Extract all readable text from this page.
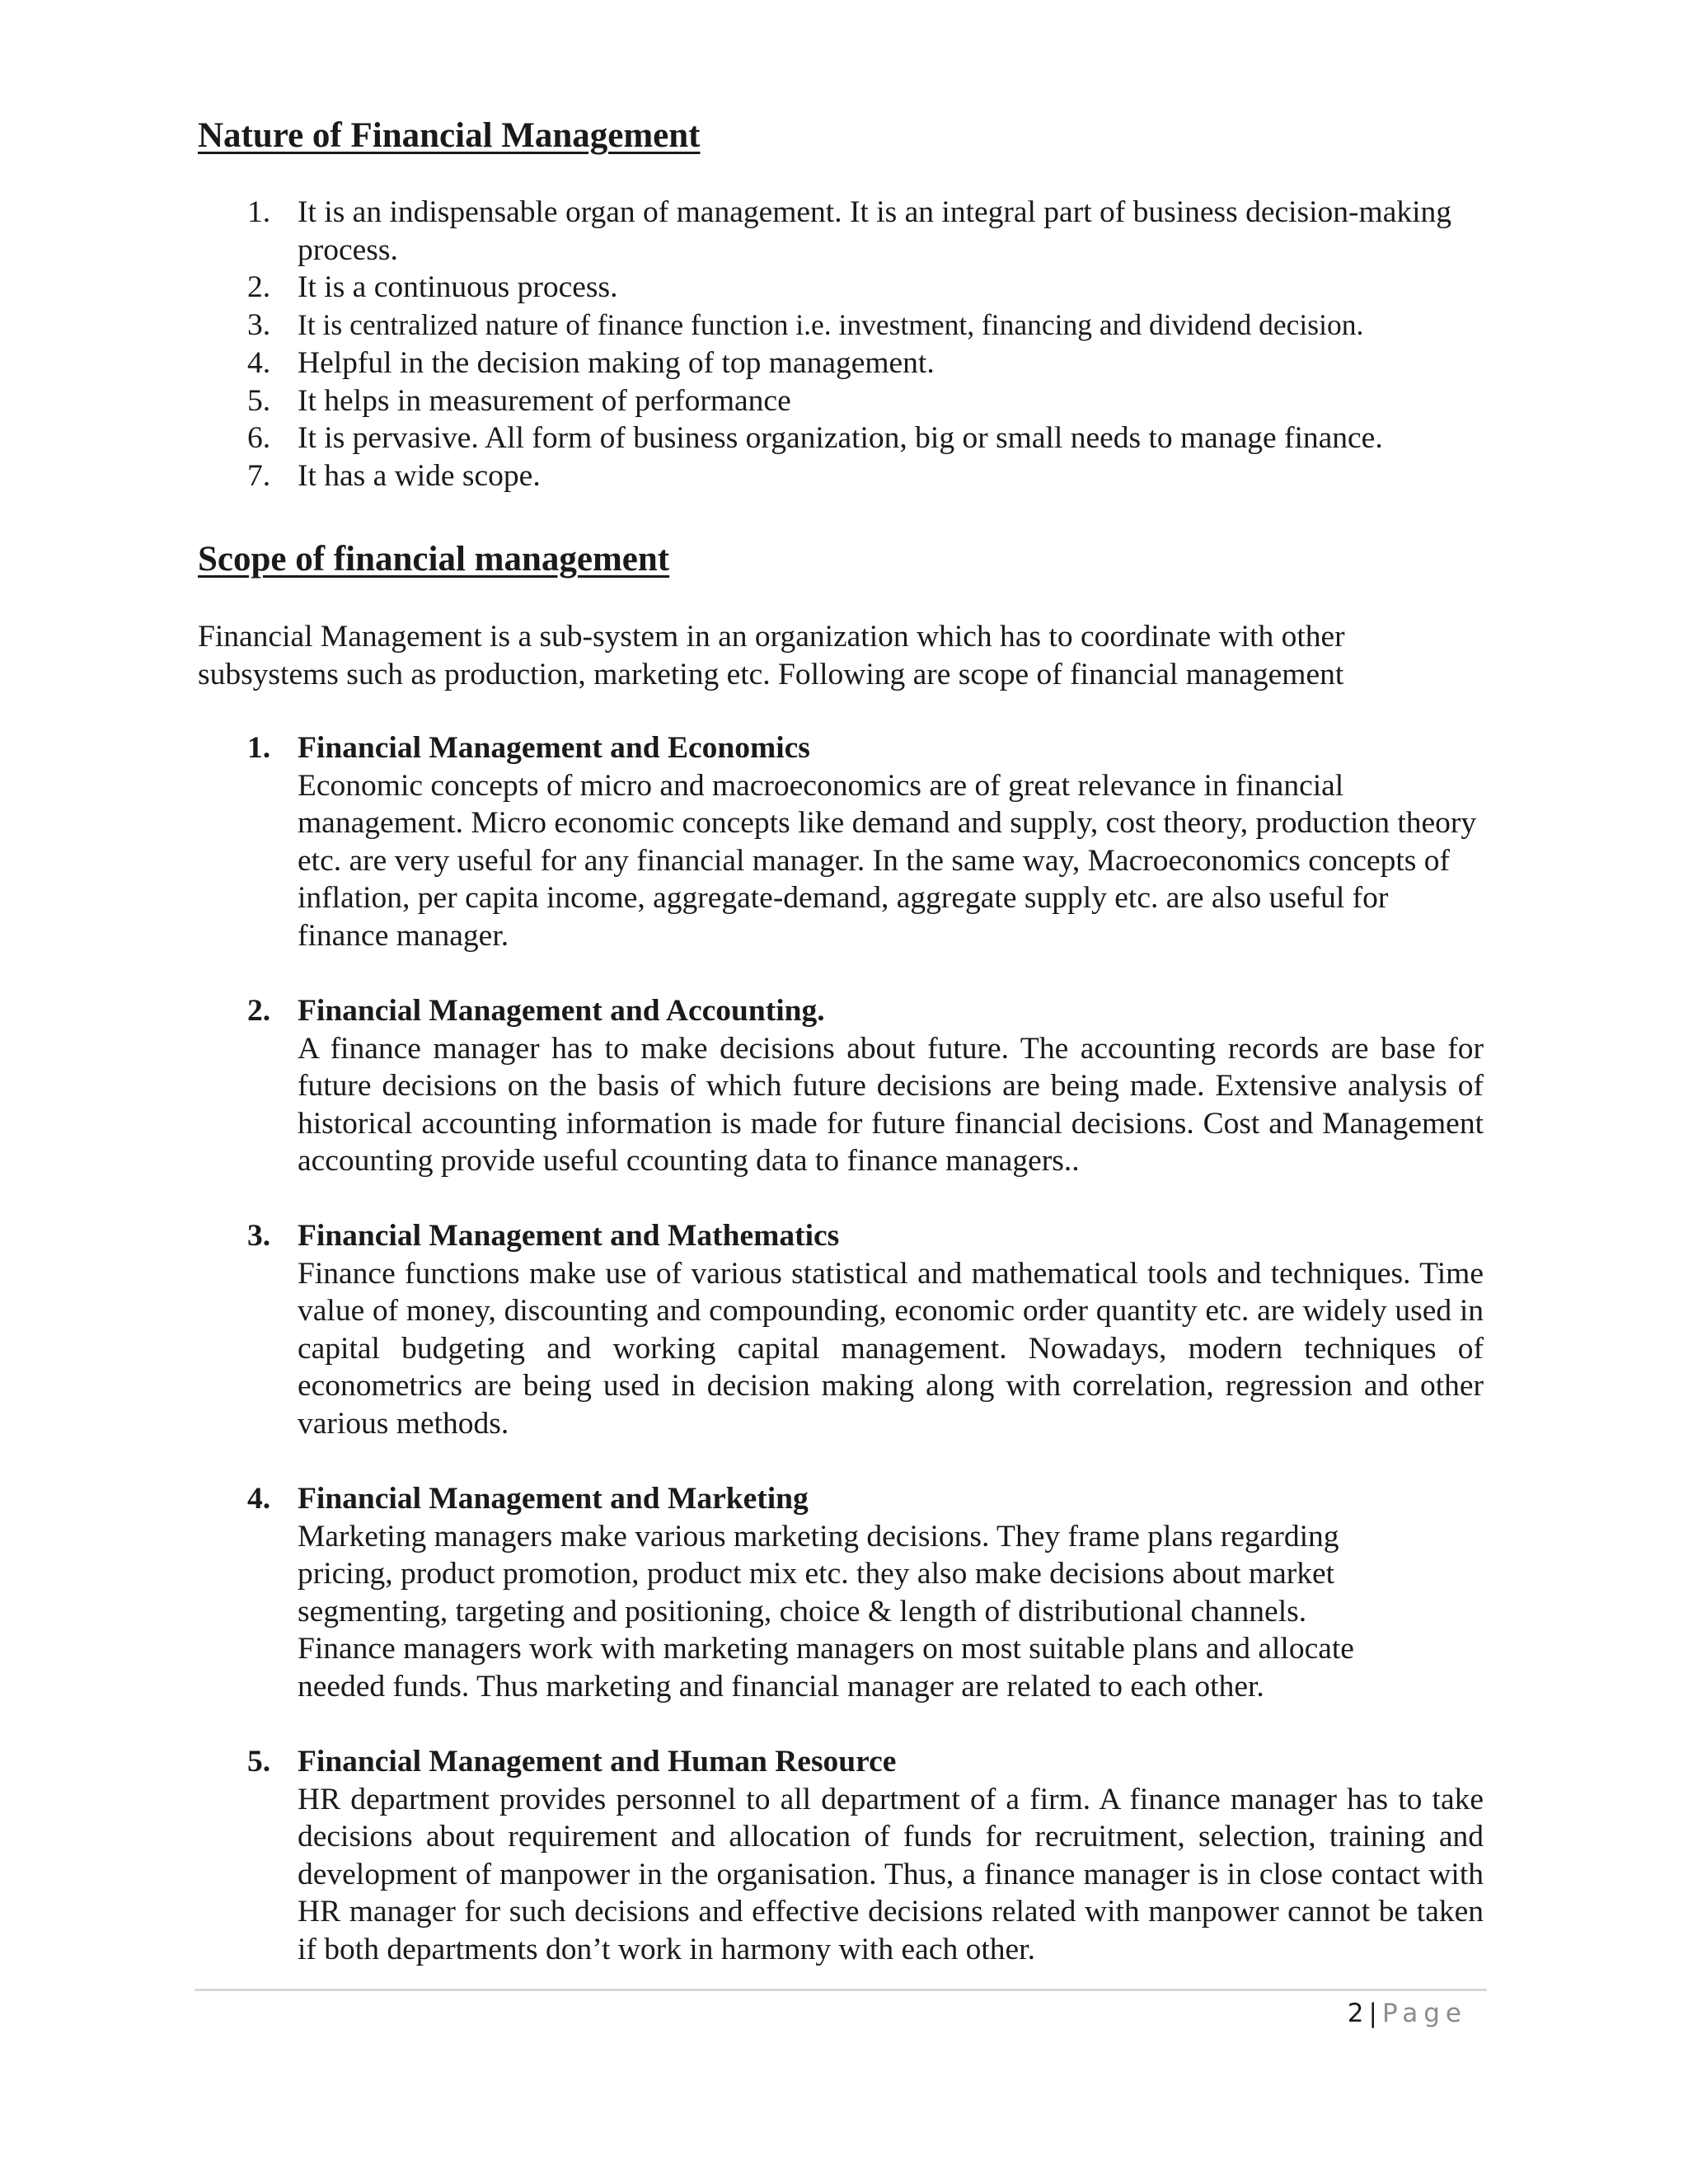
Nature of Financial Management
1. It is an indispensable organ of management. It is an integral part of business decision-making process.
2. It is a continuous process.
3. It is centralized nature of finance function i.e. investment, financing and dividend decision.
4. Helpful in the decision making of top management.
5. It helps in measurement of performance
6. It is pervasive. All form of business organization, big or small needs to manage finance.
7. It has a wide scope.
Scope of financial management

Financial Management is a sub-system in an organization which has to coordinate with other subsystems such as production, marketing etc. Following are scope of financial management

1. Financial Management and Economics
Economic concepts of micro and macroeconomics are of great relevance in financial management. Micro economic concepts like demand and supply, cost theory, production theory etc. are very useful for any financial manager. In the same way, Macroeconomics concepts of inflation, per capita income, aggregate-demand, aggregate supply etc. are also useful for finance manager.
2. Financial Management and Accounting.
A finance manager has to make decisions about future. The accounting records are base for future decisions on the basis of which future decisions are being made. Extensive analysis of historical accounting information is made for future financial decisions. Cost and Management accounting provide useful ccounting data to finance managers..
3. Financial Management and Mathematics
Finance functions make use of various statistical and mathematical tools and techniques. Time value of money, discounting and compounding, economic order quantity etc. are widely used in capital budgeting and working capital management. Nowadays, modern techniques of econometrics are being used in decision making along with correlation, regression and other various methods.
4. Financial Management and Marketing
Marketing managers make various marketing decisions. They frame plans regarding pricing, product promotion, product mix etc. they also make decisions about market segmenting, targeting and positioning, choice & length of distributional channels. Finance managers work with marketing managers on most suitable plans and allocate needed funds. Thus marketing and financial manager are related to each other.
5. Financial Management and Human Resource
HR department provides personnel to all department of a firm. A finance manager has to take decisions about requirement and allocation of funds for recruitment, selection, training and development of manpower in the organisation. Thus, a finance manager is in close contact with HR manager for such decisions and effective decisions related with manpower cannot be taken if both departments don’t work in harmony with each other.
2 | Page
